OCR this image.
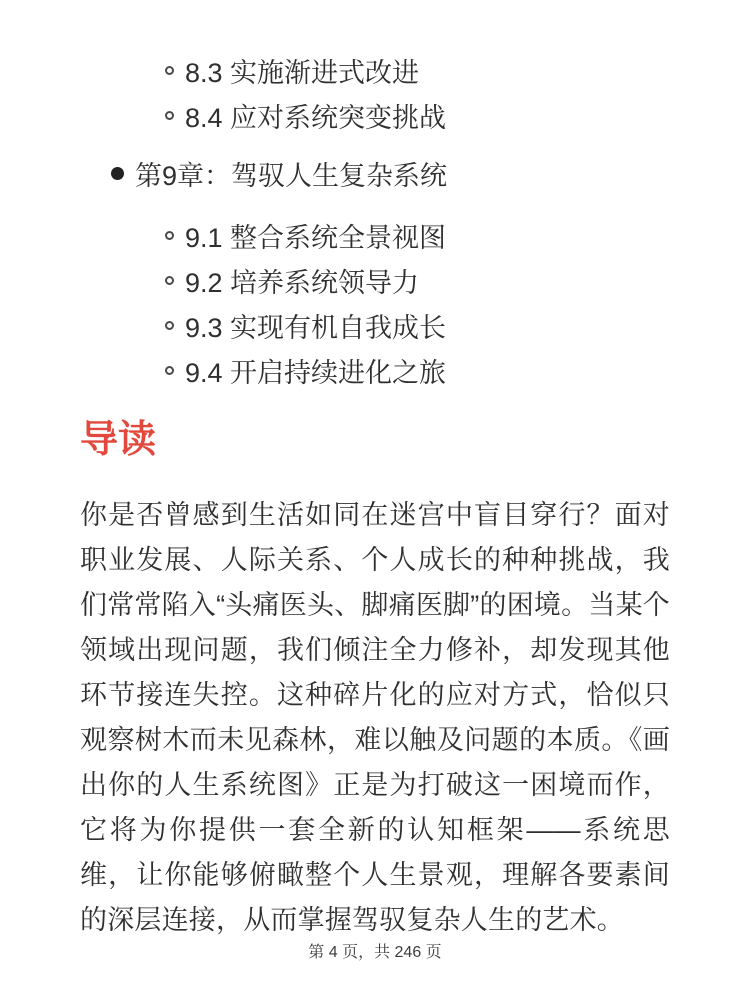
8.3 实施渐进式改进
8.4 应对系统突变挑战
第9章：驾驭人生复杂系统
9.1 整合系统全景视图
9.2 培养系统领导力
9.3 实现有机自我成长
9.4 开启持续进化之旅
导读

你是否曾感到生活如同在迷宫中盲目穿行？面对职业发展、人际关系、个人成长的种种挑战，我们常常陷入“头痛医头、脚痛医脚”的困境。当某个领域出现问题，我们倾注全力修补，却发现其他环节接连失控。这种碎片化的应对方式，恰似只观察树木而未见森林，难以触及问题的本质。《画出你的人生系统图》正是为打破这一困境而作，它将为你提供一套全新的认知框架——系统思维，让你能够俯瞰整个人生景观，理解各要素间的深层连接，从而掌握驾驭复杂人生的艺术。

第 4 页，共 246 页
